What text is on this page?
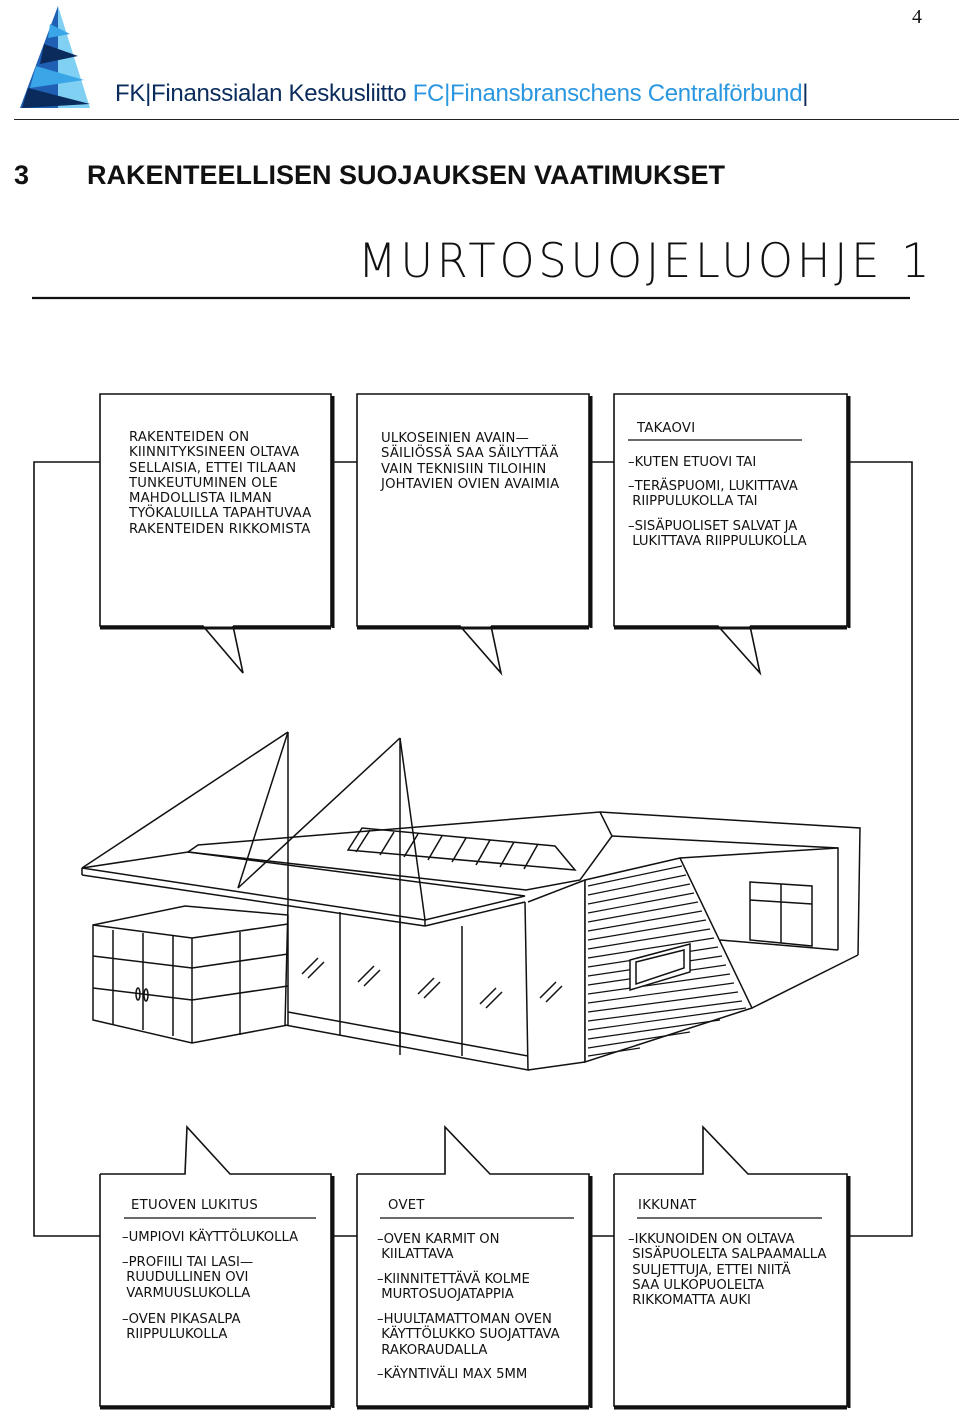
4
FK|Finanssialan Keskusliitto FC|Finansbranschens Centralförbund|
3 RAKENTEELLISEN SUOJAUKSEN VAATIMUKSET
MURTOSUOJELUOHJE 1

RAKENTEIDEN ON

KIINNITYKSINEEN OLTAVA

SELLAISIA, ETTEI TILAAN

TUNKEUTUMINEN OLE

MAHDOLLISTA ILMAN

TYÖKALUILLA TAPAHTUVAA

RAKENTEIDEN RIKKOMISTA

ULKOSEINIEN AVAIN—

SÄILIÖSSÄ SAA SÄILYTTÄÄ

VAIN TEKNISIIN TILOIHIN

JOHTAVIEN OVIEN AVAIMIA

TAKAOVI

–KUTEN ETUOVI TAI

–TERÄSPUOMI, LUKITTAVA

RIIPPULUKOLLA TAI

–SISÄPUOLISET SALVAT JA

LUKITTAVA RIIPPULUKOLLA

ETUOVEN LUKITUS

–UMPIOVI KÄYTTÖLUKOLLA

–PROFIILI TAI LASI—

RUUDULLINEN OVI

VARMUUSLUKOLLA

–OVEN PIKASALPA

RIIPPULUKOLLA

OVET

–OVEN KARMIT ON

KIILATTAVA

–KIINNITETTÄVÄ KOLME

MURTOSUOJATAPPIA

–HUULTAMATTOMAN OVEN

KÄYTTÖLUKKO SUOJATTAVA

RAKORAUDALLA

–KÄYNTIVÄLI MAX 5MM

IKKUNAT

–IKKUNOIDEN ON OLTAVA

SISÄPUOLELTA SALPAAMALLA

SULJETTUJA, ETTEI NIITÄ

SAA ULKOPUOLELTA

RIKKOMATTA AUKI
